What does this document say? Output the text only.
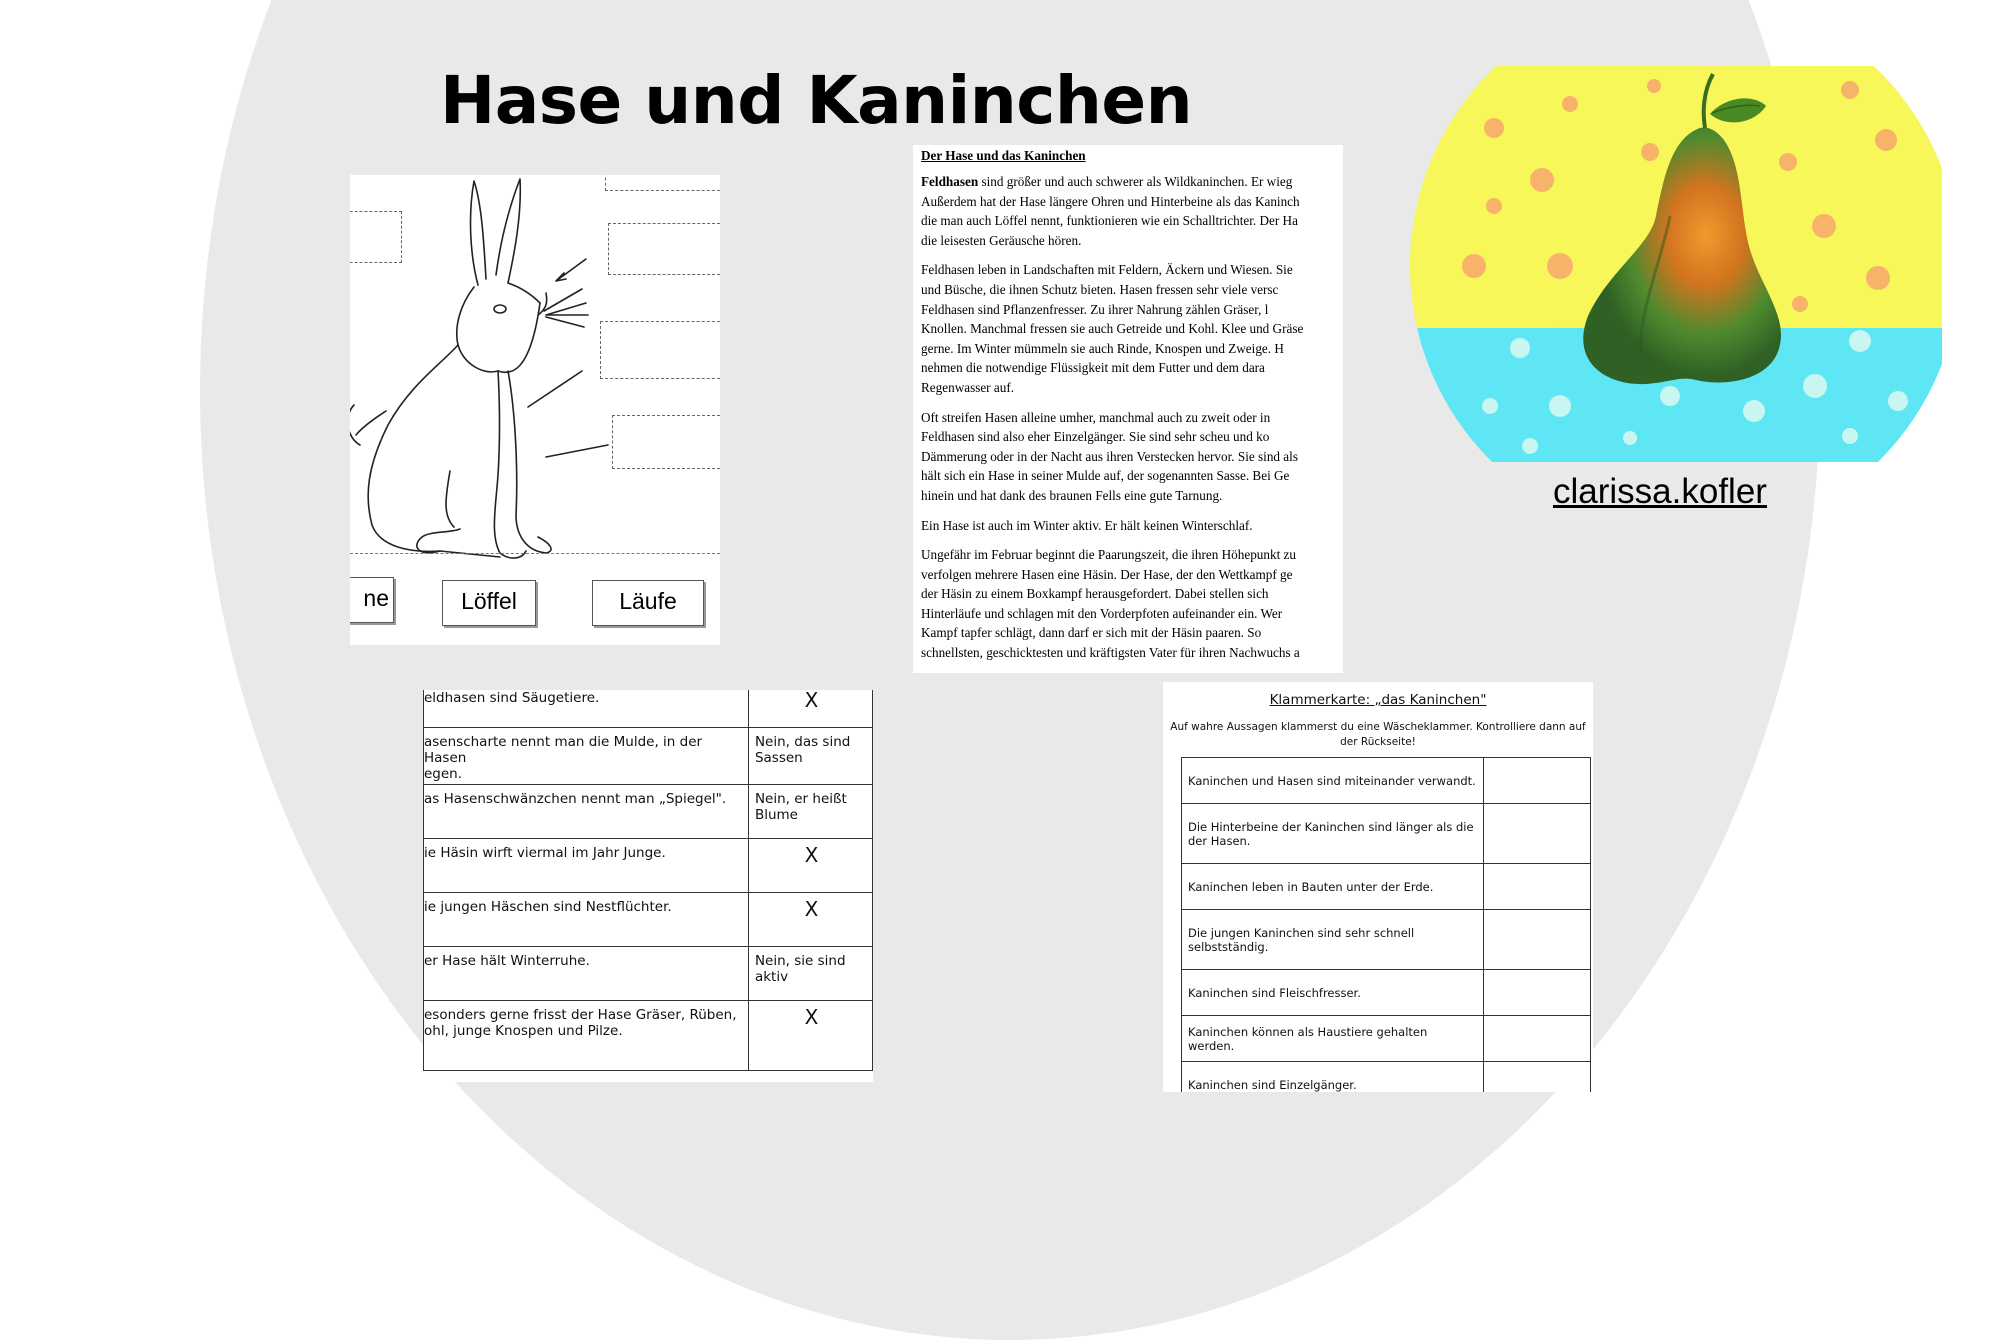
Hase und Kaninchen
ne	Löffel	Läufe
Der Hase und das Kaninchen

Feldhasen sind größer und auch schwerer als Wildkaninchen. Er wieg
Außerdem hat der Hase längere Ohren und Hinterbeine als das Kaninch
die man auch Löffel nennt, funktionieren wie ein Schalltrichter. Der Ha
die leisesten Geräusche hören.

Feldhasen leben in Landschaften mit Feldern, Äckern und Wiesen. Sie
und Büsche, die ihnen Schutz bieten. Hasen fressen sehr viele versc
Feldhasen sind Pflanzenfresser. Zu ihrer Nahrung zählen Gräser, l
Knollen. Manchmal fressen sie auch Getreide und Kohl. Klee und Gräse
gerne. Im Winter mümmeln sie auch Rinde, Knospen und Zweige. H
nehmen die notwendige Flüssigkeit mit dem Futter und dem dara
Regenwasser auf.

Oft streifen Hasen alleine umher, manchmal auch zu zweit oder in
Feldhasen sind also eher Einzelgänger. Sie sind sehr scheu und ko
Dämmerung oder in der Nacht aus ihren Verstecken hervor. Sie sind als
hält sich ein Hase in seiner Mulde auf, der sogenannten Sasse. Bei Ge
hinein und hat dank des braunen Fells eine gute Tarnung.

Ein Hase ist auch im Winter aktiv. Er hält keinen Winterschlaf.

Ungefähr im Februar beginnt die Paarungszeit, die ihren Höhepunkt zu
verfolgen mehrere Hasen eine Häsin. Der Hase, der den Wettkampf ge
der Häsin zu einem Boxkampf herausgefordert. Dabei stellen sich
Hinterläufe und schlagen mit den Vorderpfoten aufeinander ein. Wer
Kampf tapfer schlägt, dann darf er sich mit der Häsin paaren. So
schnellsten, geschicktesten und kräftigsten Vater für ihren Nachwuchs a

eldhasen sind Säugetiere.	X
asenscharte nennt man die Mulde, in der Hasen
egen.	Nein, das sind
Sassen
as Hasenschwänzchen nennt man „Spiegel".	Nein, er heißt
Blume
ie Häsin wirft viermal im Jahr Junge.	X
ie jungen Häschen sind Nestflüchter.	X
er Hase hält Winterruhe.	Nein, sie sind
aktiv
esonders gerne frisst der Hase Gräser, Rüben,
ohl, junge Knospen und Pilze.	X
Klammerkarte: „das Kaninchen"
Auf wahre Aussagen klammerst du eine Wäscheklammer. Kontrolliere dann auf der Rückseite!
Kaninchen und Hasen sind miteinander verwandt.	
Die Hinterbeine der Kaninchen sind länger als die der Hasen.	
Kaninchen leben in Bauten unter der Erde.	
Die jungen Kaninchen sind sehr schnell selbstständig.	
Kaninchen sind Fleischfresser.	
Kaninchen können als Haustiere gehalten werden.	
Kaninchen sind Einzelgänger.	
clarissa.kofler
